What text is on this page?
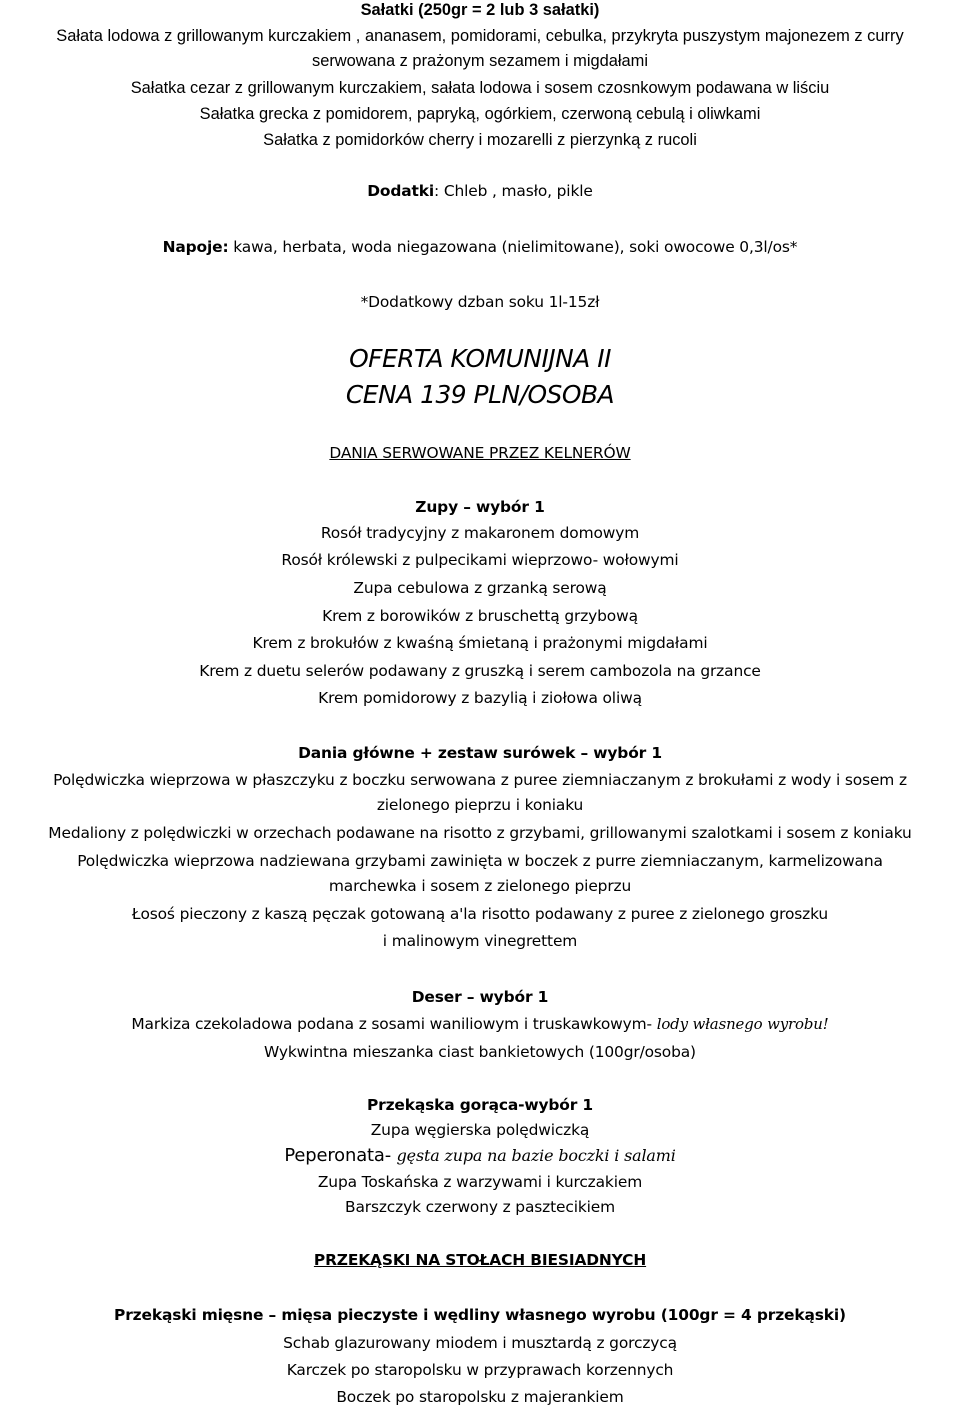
Sałatki (250gr = 2 lub 3 sałatki)

Sałata lodowa z grillowanym kurczakiem , ananasem, pomidorami, cebulka, przykryta puszystym majonezem z curry

serwowana z prażonym sezamem i migdałami

Sałatka cezar z grillowanym kurczakiem, sałata lodowa i sosem czosnkowym podawana w liściu

Sałatka grecka z pomidorem, papryką, ogórkiem, czerwoną cebulą i oliwkami

Sałatka z pomidorków cherry i mozarelli z pierzynką z rucoli

Dodatki: Chleb , masło, pikle

Napoje: kawa, herbata, woda niegazowana (nielimitowane), soki owocowe 0,3l/os*

*Dodatkowy dzban soku 1l-15zł

OFERTA KOMUNIJNA II

CENA 139 PLN/OSOBA

DANIA SERWOWANE PRZEZ KELNERÓW

Zupy – wybór 1

Rosół tradycyjny z makaronem domowym

Rosół królewski z pulpecikami wieprzowo- wołowymi

Zupa cebulowa z grzanką serową

Krem z borowików z bruschettą grzybową

Krem z brokułów z kwaśną śmietaną i prażonymi migdałami

Krem z duetu selerów podawany z gruszką i serem cambozola na grzance

Krem pomidorowy z bazylią i ziołowa oliwą

Dania główne + zestaw surówek – wybór 1

Polędwiczka wieprzowa w płaszczyku z boczku serwowana z puree ziemniaczanym z brokułami z wody i sosem z

zielonego pieprzu i koniaku

Medaliony z polędwiczki w orzechach podawane na risotto z grzybami, grillowanymi szalotkami i sosem z koniaku

Polędwiczka wieprzowa nadziewana grzybami zawinięta w boczek z purre ziemniaczanym, karmelizowana

marchewka i sosem z zielonego pieprzu

Łosoś pieczony z kaszą pęczak gotowaną a'la risotto podawany z puree z zielonego groszku

i malinowym vinegrettem

Deser – wybór 1

Markiza czekoladowa podana z sosami waniliowym i truskawkowym- lody własnego wyrobu!

Wykwintna mieszanka ciast bankietowych (100gr/osoba)

Przekąska gorąca-wybór 1

Zupa węgierska polędwiczką

Peperonata- gęsta zupa na bazie boczki i salami

Zupa Toskańska z warzywami i kurczakiem

Barszczyk czerwony z pasztecikiem

PRZEKĄSKI NA STOŁACH BIESIADNYCH

Przekąski mięsne – mięsa pieczyste i wędliny własnego wyrobu (100gr = 4 przekąski)

Schab glazurowany miodem i musztardą z gorczycą

Karczek po staropolsku w przyprawach korzennych

Boczek po staropolsku z majerankiem
